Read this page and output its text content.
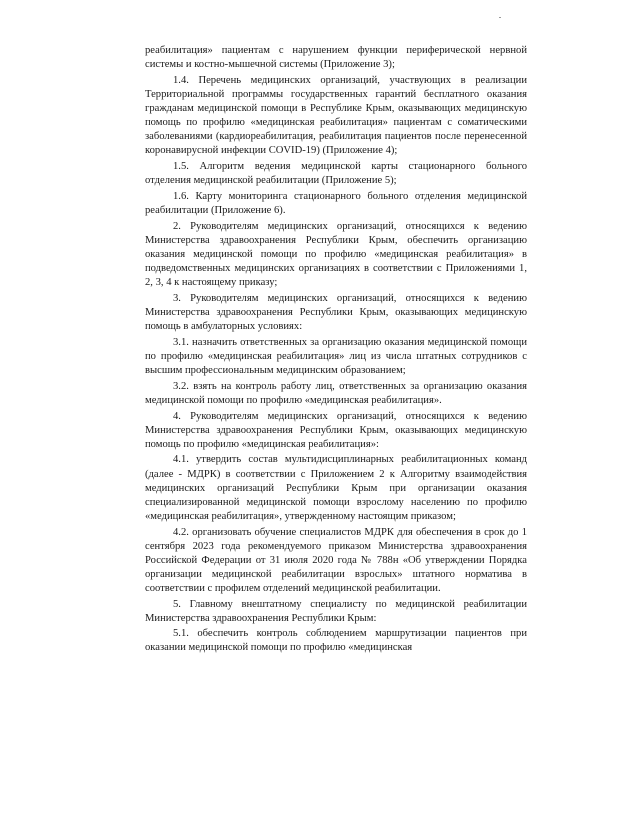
реабилитация» пациентам с нарушением функции периферической нервной системы и костно-мышечной системы (Приложение 3);

1.4. Перечень медицинских организаций, участвующих в реализации Территориальной программы государственных гарантий бесплатного оказания гражданам медицинской помощи в Республике Крым, оказывающих медицинскую помощь по профилю «медицинская реабилитация» пациентам с соматическими заболеваниями (кардиореабилитация, реабилитация пациентов после перенесенной коронавирусной инфекции COVID-19) (Приложение 4);

1.5. Алгоритм ведения медицинской карты стационарного больного отделения медицинской реабилитации (Приложение 5);

1.6. Карту мониторинга стационарного больного отделения медицинской реабилитации (Приложение 6).

2. Руководителям медицинских организаций, относящихся к ведению Министерства здравоохранения Республики Крым, обеспечить организацию оказания медицинской помощи по профилю «медицинская реабилитация» в подведомственных медицинских организациях в соответствии с Приложениями 1, 2, 3, 4 к настоящему приказу;

3. Руководителям медицинских организаций, относящихся к ведению Министерства здравоохранения Республики Крым, оказывающих медицинскую помощь в амбулаторных условиях:

3.1. назначить ответственных за организацию оказания медицинской помощи по профилю «медицинская реабилитация» лиц из числа штатных сотрудников с высшим профессиональным медицинским образованием;

3.2. взять на контроль работу лиц, ответственных за организацию оказания медицинской помощи по профилю «медицинская реабилитация».

4. Руководителям медицинских организаций, относящихся к ведению Министерства здравоохранения Республики Крым, оказывающих медицинскую помощь по профилю «медицинская реабилитация»:

4.1. утвердить состав мультидисциплинарных реабилитационных команд (далее - МДРК) в соответствии с Приложением 2 к Алгоритму взаимодействия медицинских организаций Республики Крым при организации оказания специализированной медицинской помощи взрослому населению по профилю «медицинская реабилитация», утвержденному настоящим приказом;

4.2. организовать обучение специалистов МДРК для обеспечения в срок до 1 сентября 2023 года рекомендуемого приказом Министерства здравоохранения Российской Федерации от 31 июля 2020 года № 788н «Об утверждении Порядка организации медицинской реабилитации взрослых» штатного норматива в соответствии с профилем отделений медицинской реабилитации.

5. Главному внештатному специалисту по медицинской реабилитации Министерства здравоохранения Республики Крым:

5.1. обеспечить контроль соблюдением маршрутизации пациентов при оказании медицинской помощи по профилю «медицинская
